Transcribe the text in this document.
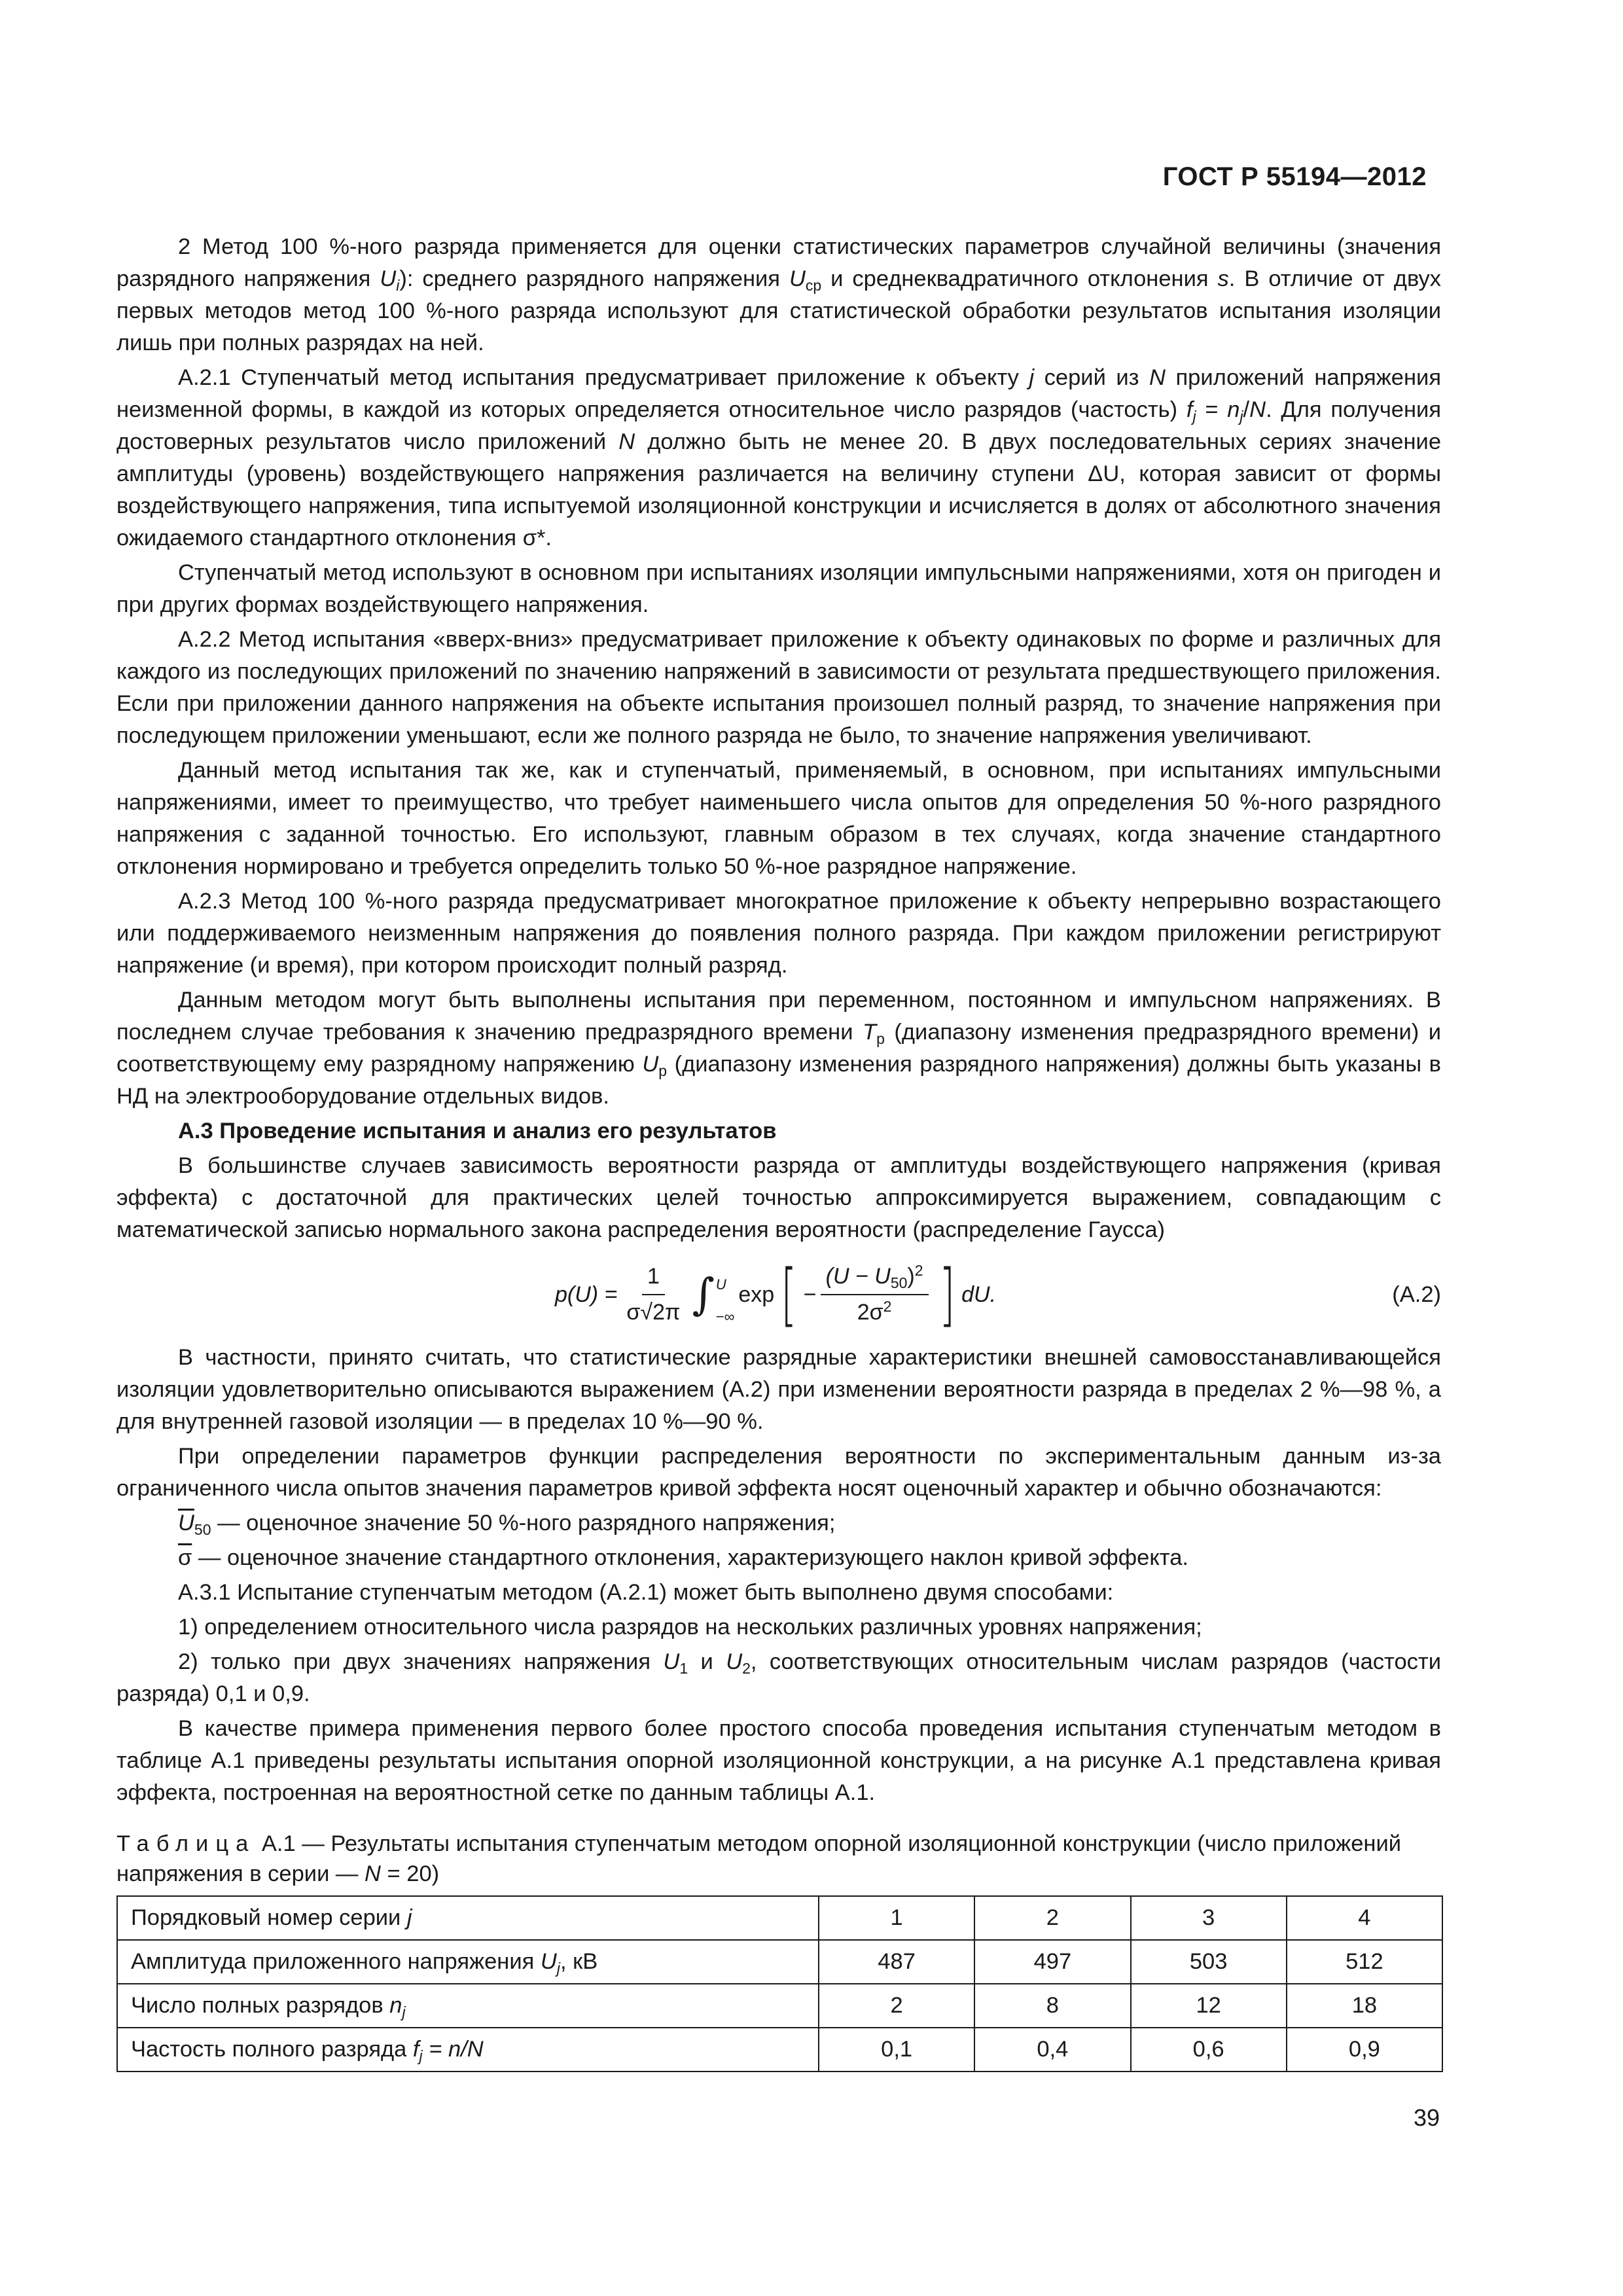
ГОСТ Р 55194—2012

2 Метод 100 %-ного разряда применяется для оценки статистических параметров случайной величины (значения разрядного напряжения $U_i$): среднего разрядного напряжения $U_{ср}$ и среднеквадратичного отклонения s. В отличие от двух первых методов метод 100 %-ного разряда используют для статистической обработки результатов испытания изоляции лишь при полных разрядах на ней.

А.2.1 Ступенчатый метод испытания предусматривает приложение к объекту j серий из N приложений напряжения неизменной формы, в каждой из которых определяется относительное число разрядов (частость) $f_j = n_j/N$. Для получения достоверных результатов число приложений N должно быть не менее 20. В двух последовательных сериях значение амплитуды (уровень) воздействующего напряжения различается на величину ступени ΔU, которая зависит от формы воздействующего напряжения, типа испытуемой изоляционной конструкции и исчисляется в долях от абсолютного значения ожидаемого стандартного отклонения σ*.

Ступенчатый метод используют в основном при испытаниях изоляции импульсными напряжениями, хотя он пригоден и при других формах воздействующего напряжения.

А.2.2 Метод испытания «вверх-вниз» предусматривает приложение к объекту одинаковых по форме и различных для каждого из последующих приложений по значению напряжений в зависимости от результата предшествующего приложения. Если при приложении данного напряжения на объекте испытания произошел полный разряд, то значение напряжения при последующем приложении уменьшают, если же полного разряда не было, то значение напряжения увеличивают.

Данный метод испытания так же, как и ступенчатый, применяемый, в основном, при испытаниях импульсными напряжениями, имеет то преимущество, что требует наименьшего числа опытов для определения 50 %-ного разрядного напряжения с заданной точностью. Его используют, главным образом в тех случаях, когда значение стандартного отклонения нормировано и требуется определить только 50 %-ное разрядное напряжение.

А.2.3 Метод 100 %-ного разряда предусматривает многократное приложение к объекту непрерывно возрастающего или поддерживаемого неизменным напряжения до появления полного разряда. При каждом приложении регистрируют напряжение (и время), при котором происходит полный разряд.

Данным методом могут быть выполнены испытания при переменном, постоянном и импульсном напряжениях. В последнем случае требования к значению предразрядного времени $T_p$ (диапазону изменения предразрядного времени) и соответствующему ему разрядному напряжению $U_p$ (диапазону изменения разрядного напряжения) должны быть указаны в НД на электрооборудование отдельных видов.

А.3 Проведение испытания и анализ его результатов

В большинстве случаев зависимость вероятности разряда от амплитуды воздействующего напряжения (кривая эффекта) с достаточной для практических целей точностью аппроксимируется выражением, совпадающим с математической записью нормального закона распределения вероятности (распределение Гаусса)

$p(U) = \frac{1}{\sigma√2\pi}$ ∫ U
−∞
exp [ − $\frac{(U - U_{50})^2}{2\sigma^2}$ ] dU.	(А.2)

В частности, принято считать, что статистические разрядные характеристики внешней самовосстанавливающейся изоляции удовлетворительно описываются выражением (А.2) при изменении вероятности разряда в пределах 2 %—98 %, а для внутренней газовой изоляции — в пределах 10 %—90 %.

При определении параметров функции распределения вероятности по экспериментальным данным из-за ограниченного числа опытов значения параметров кривой эффекта носят оценочный характер и обычно обозначаются:

$\overline{U}_{50}$ — оценочное значение 50 %-ного разрядного напряжения;

$\overline{\sigma}$ — оценочное значение стандартного отклонения, характеризующего наклон кривой эффекта.

А.3.1 Испытание ступенчатым методом (А.2.1) может быть выполнено двумя способами:

1) определением относительного числа разрядов на нескольких различных уровнях напряжения;

2) только при двух значениях напряжения $U_1$ и $U_2$, соответствующих относительным числам разрядов (частости разряда) 0,1 и 0,9.

В качестве примера применения первого более простого способа проведения испытания ступенчатым методом в таблице А.1 приведены результаты испытания опорной изоляционной конструкции, а на рисунке А.1 представлена кривая эффекта, построенная на вероятностной сетке по данным таблицы А.1.

Таблица А.1 — Результаты испытания ступенчатым методом опорной изоляционной конструкции (число приложений напряжения в серии — N = 20)
Порядковый номер серии j	1	2	3	4
Амплитуда приложенного напряжения $U_j$, кВ	487	497	503	512
Число полных разрядов $n_j$	2	8	12	18
Частость полного разряда $f_j = n/N$	0,1	0,4	0,6	0,9
39
